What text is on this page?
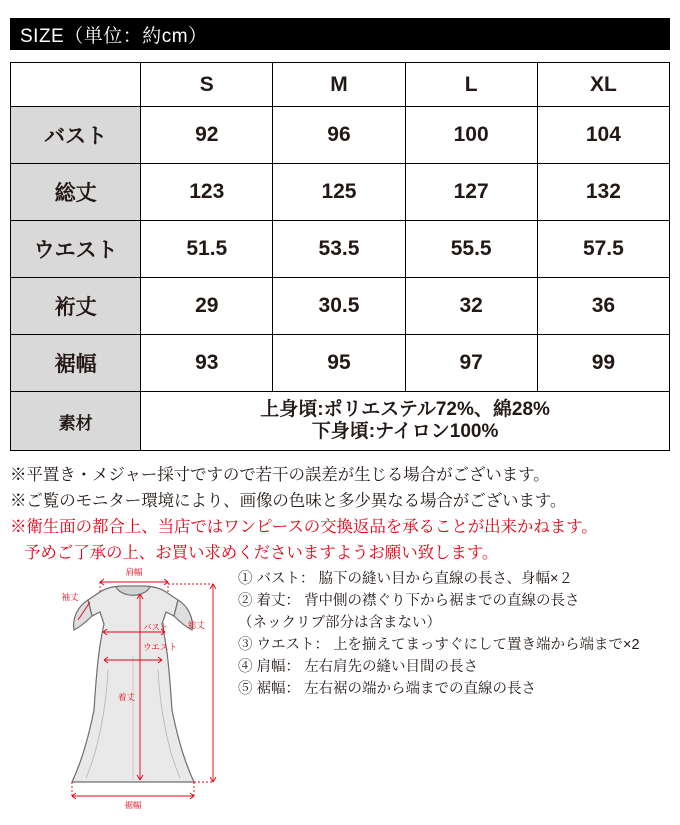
SIZE（単位：約cm）
	S	M	L	XL
バスト	92	96	100	104
総丈	123	125	127	132
ウエスト	51.5	53.5	55.5	57.5
裄丈	29	30.5	32	36
裾幅	93	95	97	99
素材	上身頃:ポリエステル72%、綿28%
下身頃:ナイロン100%			
※平置き・メジャー採寸ですので若干の誤差が生じる場合がございます。
※ご覧のモニター環境により、画像の色味と多少異なる場合がございます。
※衛生面の都合上、当店ではワンピースの交換返品を承ることが出来かねます。
予めご了承の上、お買い求めくださいますようお願い致します。
肩幅
袖丈
バスト
ウエスト
総丈
着丈
裾幅
① バスト： 脇下の縫い目から直線の長さ、身幅×２
② 着丈： 背中側の襟ぐり下から裾までの直線の長さ
（ネックリブ部分は含まない）
③ ウエスト： 上を揃えてまっすぐにして置き端から端まで×2
④ 肩幅： 左右肩先の縫い目間の長さ
⑤ 裾幅： 左右裾の端から端までの直線の長さ
